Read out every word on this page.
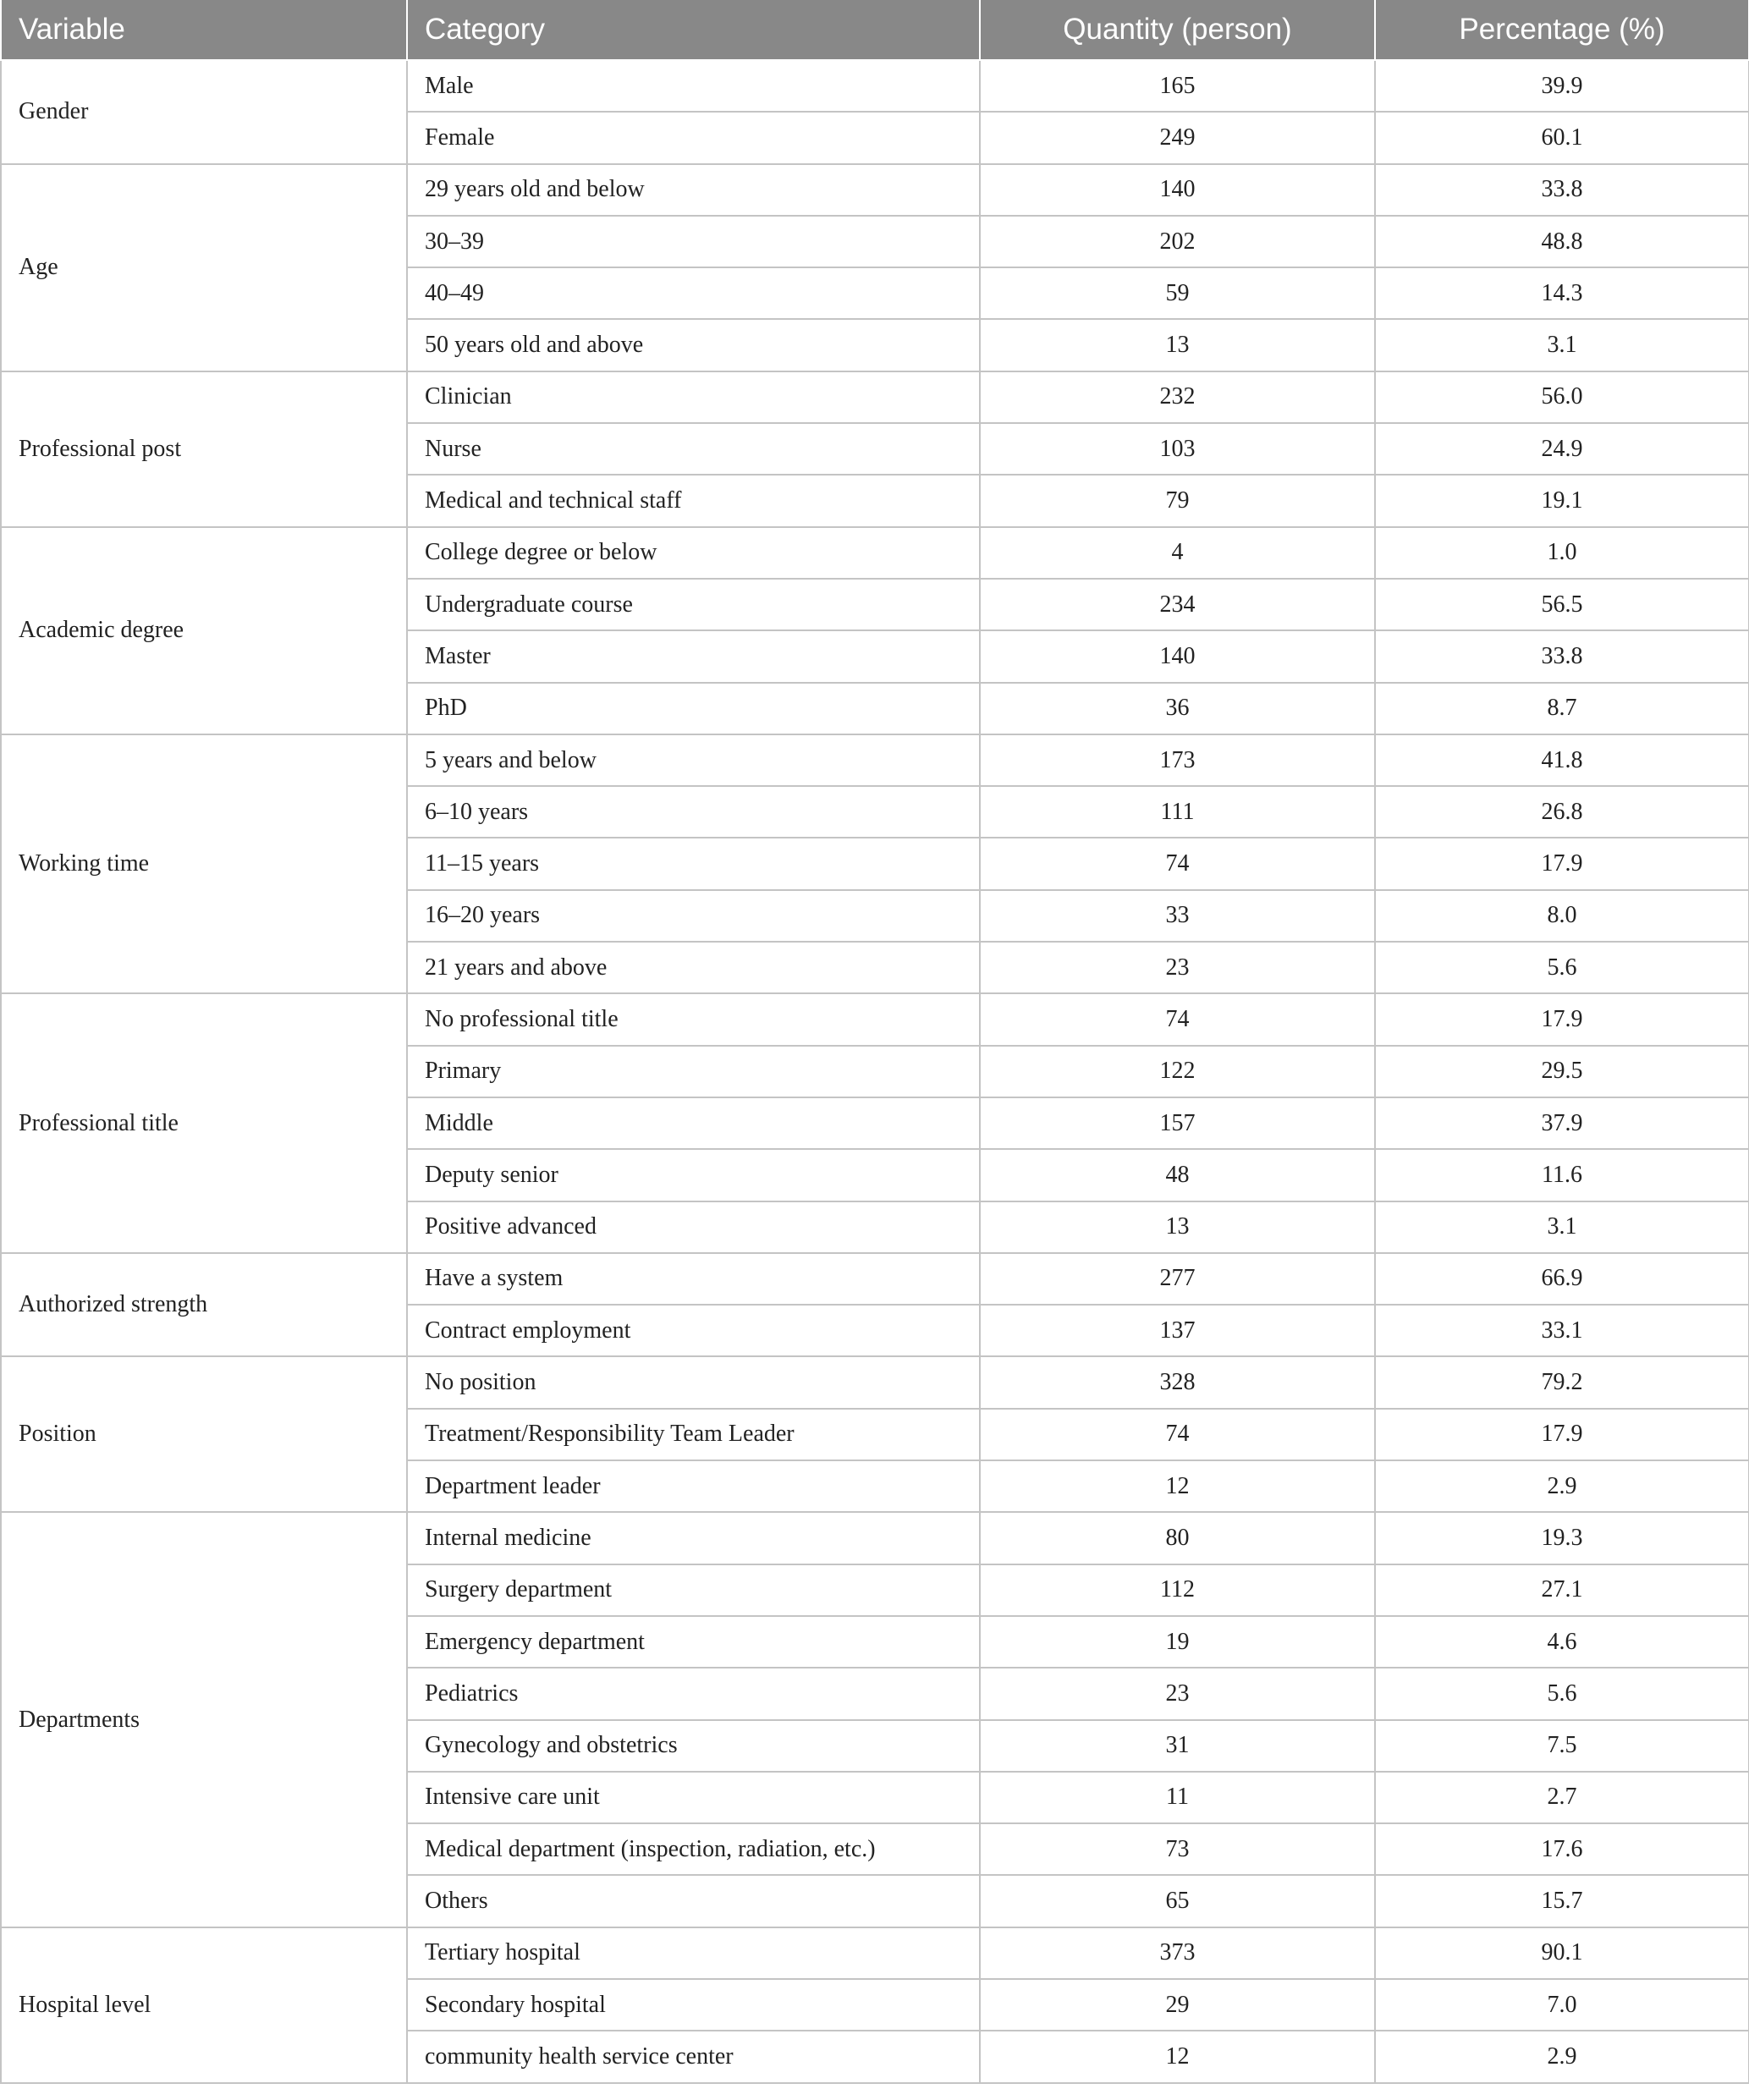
Variable	Category	Quantity (person)	Percentage (%)
Gender	Male	165	39.9
	Female	249	60.1
Age	29 years old and below	140	33.8
	30–39	202	48.8
	40–49	59	14.3
	50 years old and above	13	3.1
Professional post	Clinician	232	56.0
	Nurse	103	24.9
	Medical and technical staff	79	19.1
Academic degree	College degree or below	4	1.0
	Undergraduate course	234	56.5
	Master	140	33.8
	PhD	36	8.7
Working time	5 years and below	173	41.8
	6–10 years	111	26.8
	11–15 years	74	17.9
	16–20 years	33	8.0
	21 years and above	23	5.6
Professional title	No professional title	74	17.9
	Primary	122	29.5
	Middle	157	37.9
	Deputy senior	48	11.6
	Positive advanced	13	3.1
Authorized strength	Have a system	277	66.9
	Contract employment	137	33.1
Position	No position	328	79.2
	Treatment/Responsibility Team Leader	74	17.9
	Department leader	12	2.9
Departments	Internal medicine	80	19.3
	Surgery department	112	27.1
	Emergency department	19	4.6
	Pediatrics	23	5.6
	Gynecology and obstetrics	31	7.5
	Intensive care unit	11	2.7
	Medical department (inspection, radiation, etc.)	73	17.6
	Others	65	15.7
Hospital level	Tertiary hospital	373	90.1
	Secondary hospital	29	7.0
	community health service center	12	2.9
